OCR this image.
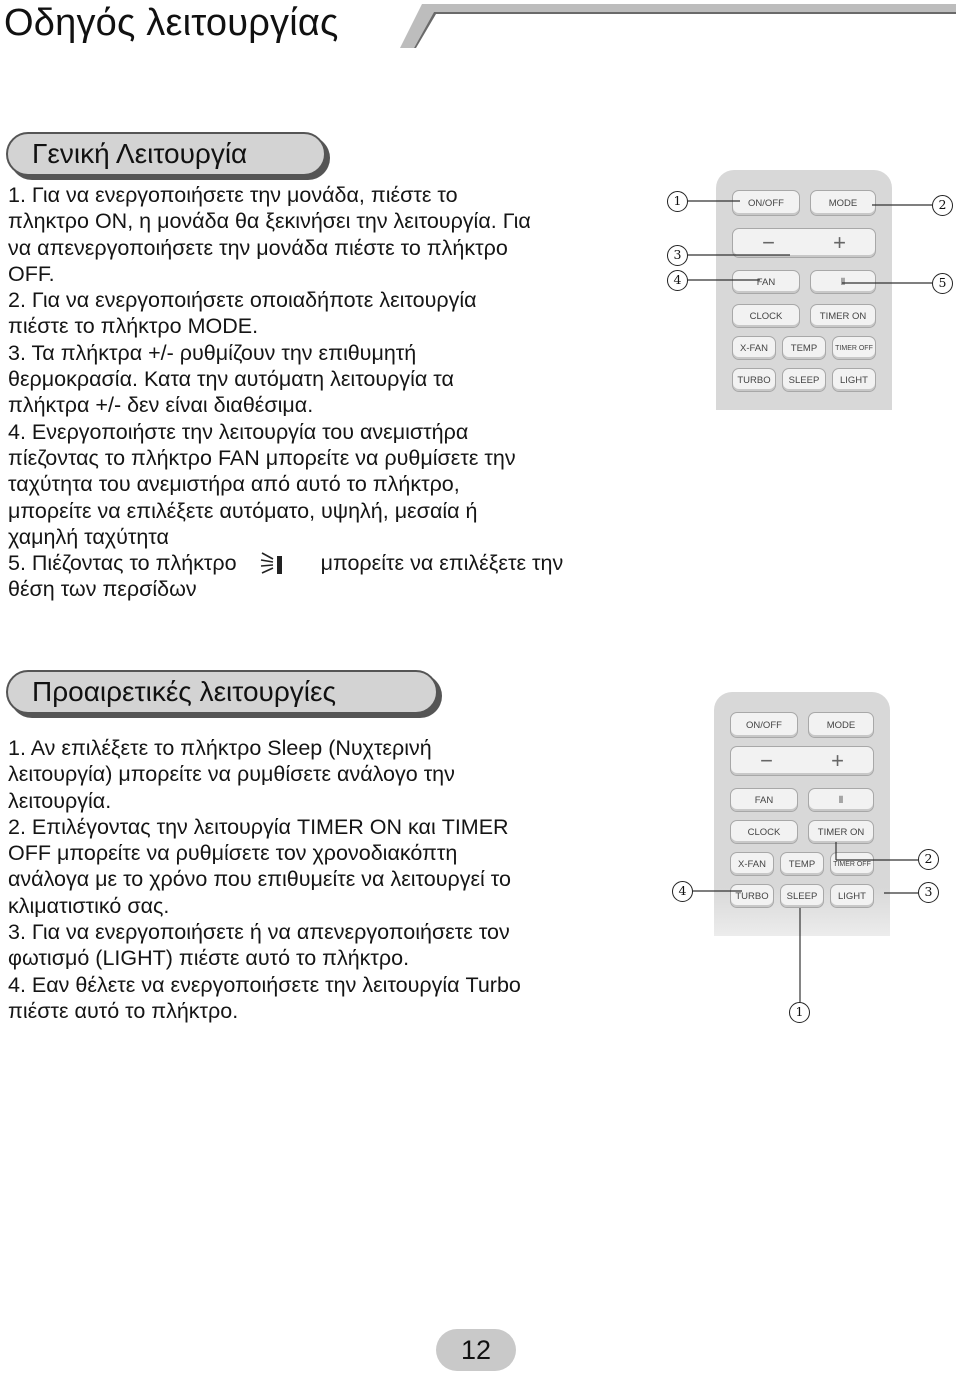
Οδηγός λειτουργίας
Γενική Λειτουργία

1. Για να ενεργοποιήσετε την μονάδα, πιέστε το

πληκτρο ON, η μονάδα θα ξεκινήσει την λειτουργία. Για

να απενεργοποιήσετε την μονάδα πιέστε το πλήκτρο

OFF.

2. Για να ενεργοποιήσετε οποιαδήποτε λειτουργία

πιέστε το πλήκτρο MODE.

3. Τα πλήκτρα +/- ρυθμίζουν την επιθυμητή

θερμοκρασία. Κατα την αυτόματη λειτουργία τα

πλήκτρα +/- δεν είναι διαθέσιμα.

4. Ενεργοποιήστε την λειτουργία του ανεμιστήρα

πίεζοντας το πλήκτρο FAN μπορείτε να ρυθμίσετε την

ταχύτητα του ανεμιστήρα από αυτό το πλήκτρο,

μπορείτε να επιλέξετε αυτόματο, υψηλή, μεσαία ή

χαμηλή ταχύτητα

5. Πιέζοντας το πλήκτρο	μπορείτε να επιλέξετε την

θέση των περσίδων

ON/OFF	MODE
−	+
FAN	⫴
CLOCK	TIMER ON
X-FAN	TEMP	TIMER OFF
TURBO	SLEEP	LIGHT
Προαιρετικές λειτουργίες

1. Αν επιλέξετε το πλήκτρο Sleep (Νυχτερινή

λειτουργία) μπορείτε να ρυμθίσετε ανάλογο την

λειτουργία.

2. Επιλέγοντας την λειτουργία TIMER ON και TIMER

OFF μπορείτε να ρυθμίσετε τον χρονοδιακόπτη

ανάλογα με το χρόνο που επιθυμείτε να λειτουργεί το

κλιματιστικό σας.

3. Για να ενεργοποιήσετε ή να απενεργοποιήσετε τον

φωτισμό (LIGHT) πιέστε αυτό το πλήκτρο.

4. Εαν θέλετε να ενεργοποιήσετε την λειτουργία Turbo

πιέστε αυτό το πλήκτρο.

ON/OFF	MODE
−	+
FAN	⫴
CLOCK	TIMER ON
X-FAN	TEMP	TIMER OFF
TURBO	SLEEP	LIGHT
1	2
3
4	5
1
2
3
4
12
